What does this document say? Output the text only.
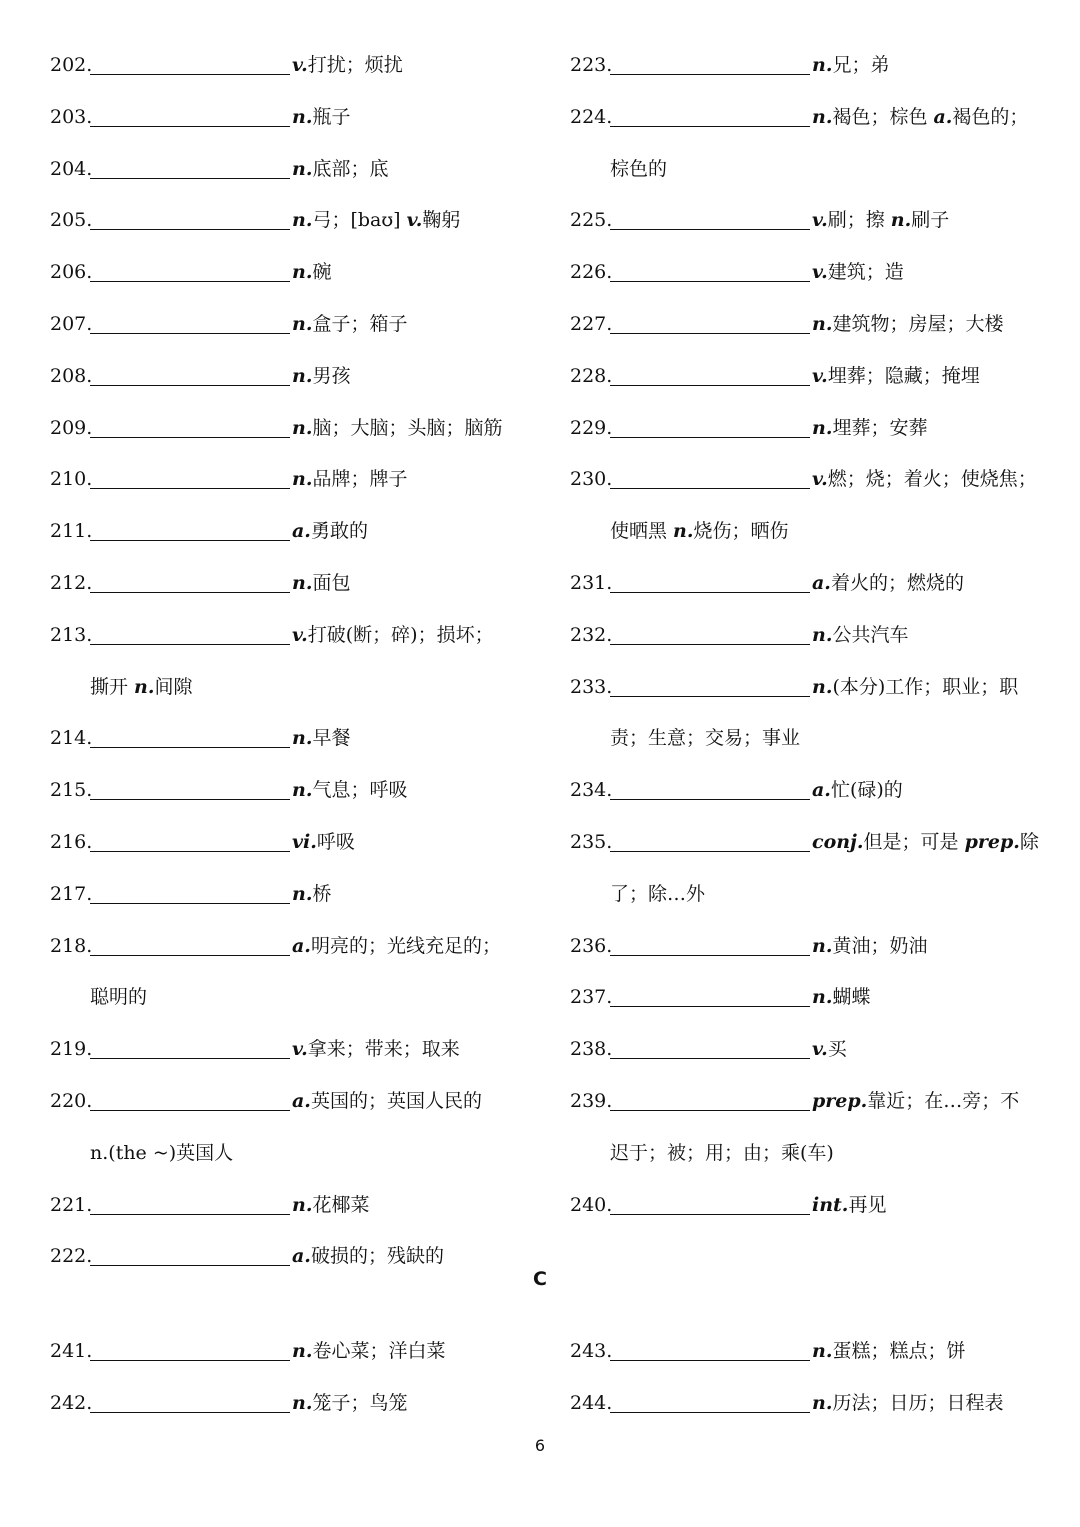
202.	v.打扰；烦扰
203.	n.瓶子
204.	n.底部；底
205.	n.弓；[baʊ] v.鞠躬
206.	n.碗
207.	n.盒子；箱子
208.	n.男孩
209.	n.脑；大脑；头脑；脑筋
210.	n.品牌；牌子
211.	a.勇敢的
212.	n.面包
213.	v.打破(断；碎)；损坏；
撕开 n.间隙
214.	n.早餐
215.	n.气息；呼吸
216.	vi.呼吸
217.	n.桥
218.	a.明亮的；光线充足的；
聪明的
219.	v.拿来；带来；取来
220.	a.英国的；英国人民的
n.(the ~)英国人
221.	n.花椰菜
222.	a.破损的；残缺的
223.	n.兄；弟
224.	n.褐色；棕色 a.褐色的；
棕色的
225.	v.刷；擦 n.刷子
226.	v.建筑；造
227.	n.建筑物；房屋；大楼
228.	v.埋葬；隐藏；掩埋
229.	n.埋葬；安葬
230.	v.燃；烧；着火；使烧焦；
使晒黑 n.烧伤；晒伤
231.	a.着火的；燃烧的
232.	n.公共汽车
233.	n.(本分)工作；职业；职
责；生意；交易；事业
234.	a.忙(碌)的
235.	conj.但是；可是 prep.除
了；除…外
236.	n.黄油；奶油
237.	n.蝴蝶
238.	v.买
239.	prep.靠近；在…旁；不
迟于；被；用；由；乘(车)
240.	int.再见
C
241.	n.卷心菜；洋白菜
242.	n.笼子；鸟笼
243.	n.蛋糕；糕点；饼
244.	n.历法；日历；日程表
6
